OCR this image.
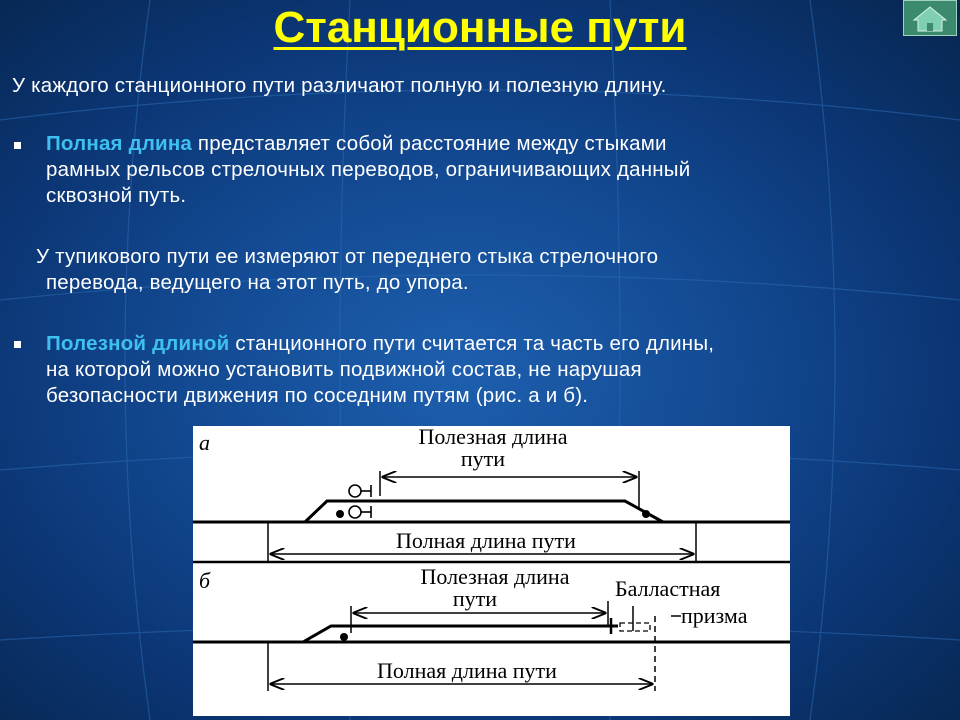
Станционные пути
У каждого станционного пути различают полную и полезную длину.
Полная длина представляет собой расстояние между стыками
рамных рельсов стрелочных переводов, ограничивающих данный
сквозной путь.
У тупикового пути ее измеряют от переднего стыка стрелочного
перевода, ведущего на этот путь, до упора.
Полезной длиной станционного пути считается та часть его длины,
на которой можно установить подвижной состав, не нарушая
безопасности движения по соседним путям (рис. а и б).
а	Полезная длина
пути
Полная длина пути
б	Полезная длина
пути	Балластная
призма
Полная длина пути
